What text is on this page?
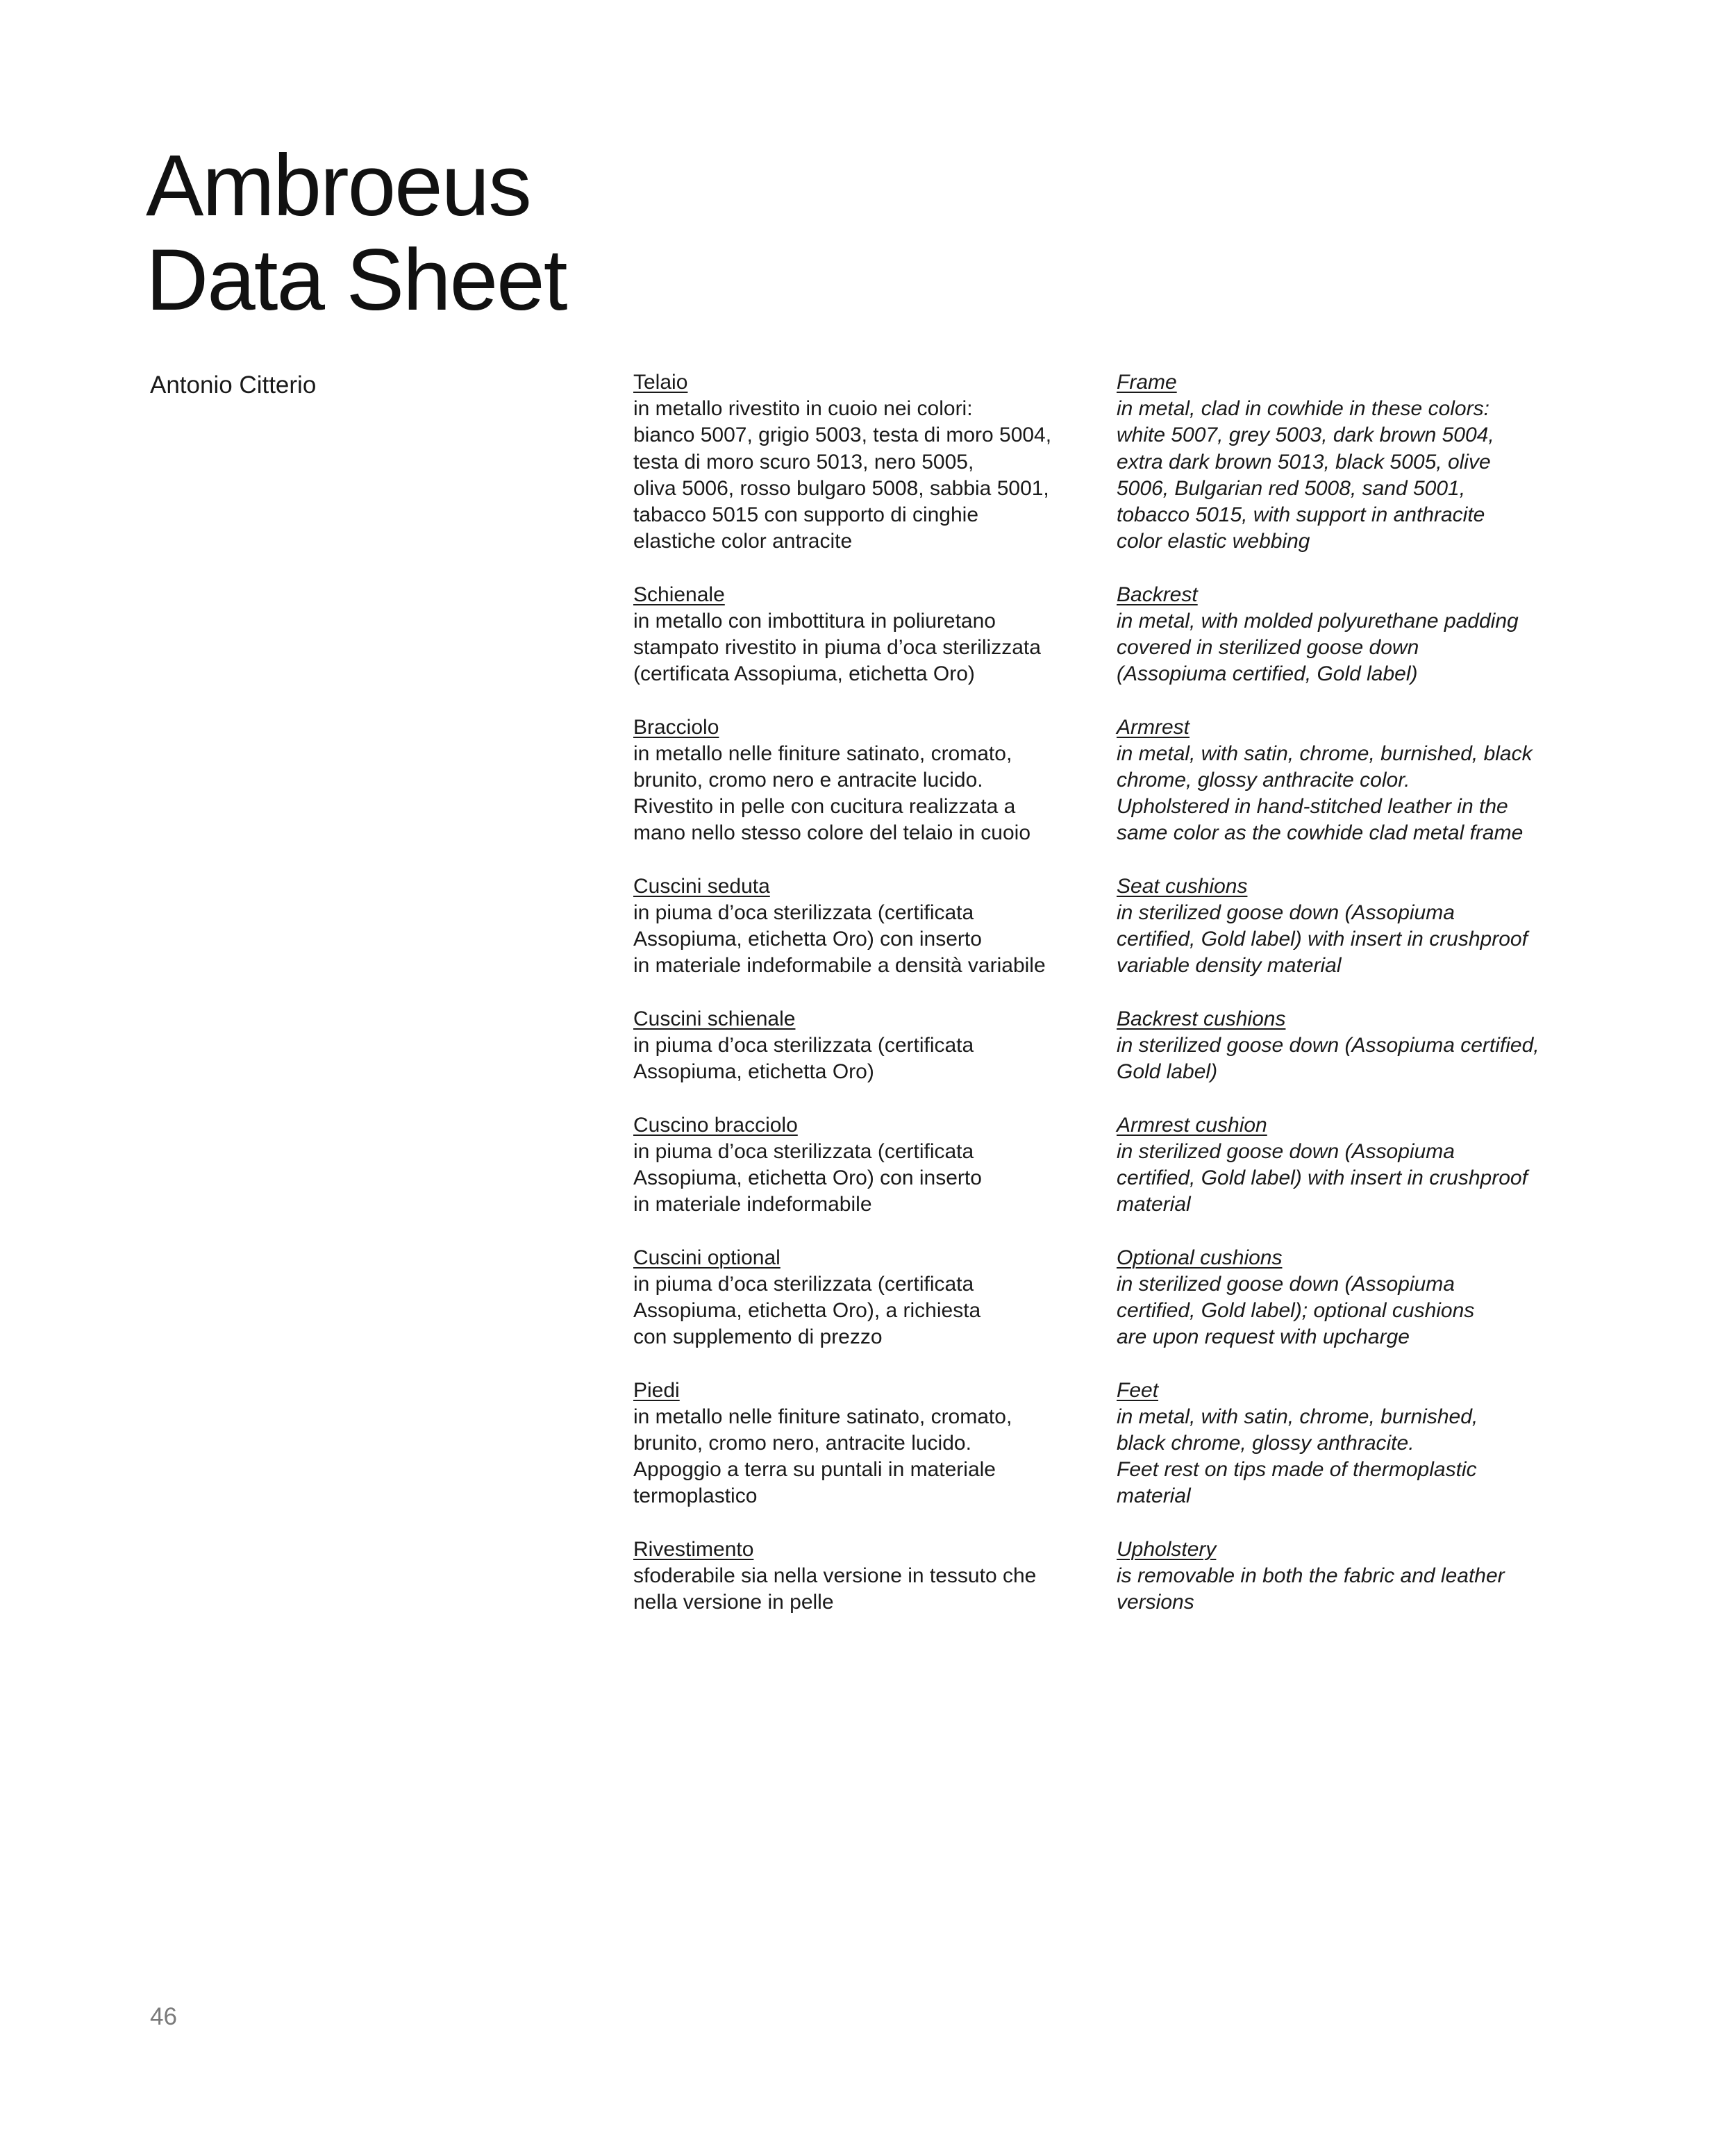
Ambroeus
Data Sheet
Antonio Citterio	Telaio
in metallo rivestito in cuoio nei colori:
bianco 5007, grigio 5003, testa di moro 5004,
testa di moro scuro 5013, nero 5005,
oliva 5006, rosso bulgaro 5008, sabbia 5001,
tabacco 5015 con supporto di cinghie
elastiche color antracite
Schienale
in metallo con imbottitura in poliuretano
stampato rivestito in piuma d’oca sterilizzata
(certificata Assopiuma, etichetta Oro)
Bracciolo
in metallo nelle finiture satinato, cromato,
brunito, cromo nero e antracite lucido.
Rivestito in pelle con cucitura realizzata a
mano nello stesso colore del telaio in cuoio
Cuscini seduta
in piuma d’oca sterilizzata (certificata
Assopiuma, etichetta Oro) con inserto
in materiale indeformabile a densità variabile
Cuscini schienale
in piuma d’oca sterilizzata (certificata
Assopiuma, etichetta Oro)
Cuscino bracciolo
in piuma d’oca sterilizzata (certificata
Assopiuma, etichetta Oro) con inserto
in materiale indeformabile
Cuscini optional
in piuma d’oca sterilizzata (certificata
Assopiuma, etichetta Oro), a richiesta
con supplemento di prezzo
Piedi
in metallo nelle finiture satinato, cromato,
brunito, cromo nero, antracite lucido.
Appoggio a terra su puntali in materiale
termoplastico
Rivestimento
sfoderabile sia nella versione in tessuto che
nella versione in pelle
Frame
in metal, clad in cowhide in these colors:
white 5007, grey 5003, dark brown 5004,
extra dark brown 5013, black 5005, olive
5006, Bulgarian red 5008, sand 5001,
tobacco 5015, with support in anthracite
color elastic webbing
Backrest
in metal, with molded polyurethane padding
covered in sterilized goose down
(Assopiuma certified, Gold label)
Armrest
in metal, with satin, chrome, burnished, black
chrome, glossy anthracite color.
Upholstered in hand-stitched leather in the
same color as the cowhide clad metal frame
Seat cushions
in sterilized goose down (Assopiuma
certified, Gold label) with insert in crushproof
variable density material
Backrest cushions
in sterilized goose down (Assopiuma certified,
Gold label)
Armrest cushion
in sterilized goose down (Assopiuma
certified, Gold label) with insert in crushproof
material
Optional cushions
in sterilized goose down (Assopiuma
certified, Gold label); optional cushions
are upon request with upcharge
Feet
in metal, with satin, chrome, burnished,
black chrome, glossy anthracite.
Feet rest on tips made of thermoplastic
material
Upholstery
is removable in both the fabric and leather
versions
46
